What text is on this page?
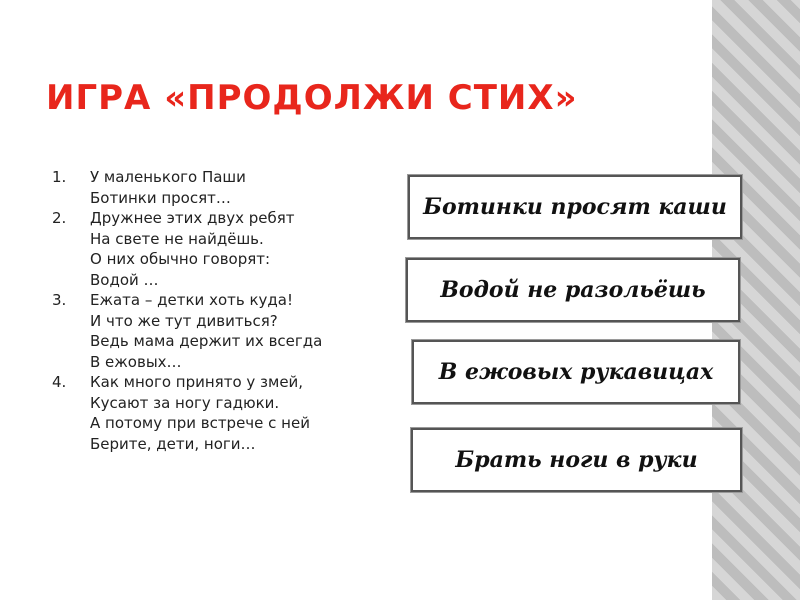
ИГРА «ПРОДОЛЖИ СТИХ»
1.	У маленького Паши
Ботинки просят…
2.	Дружнее этих двух ребят
На свете не найдёшь.
О них обычно говорят:
Водой …
3.	Ежата – детки хоть куда!
И что же тут дивиться?
Ведь мама держит их всегда
В ежовых…
4.	Как много принято у змей,
Кусают за ногу гадюки.
А потому при встрече с ней
Берите, дети, ноги…
Ботинки просят каши
Водой не разольёшь
В ежовых рукавицах
Брать ноги в руки
